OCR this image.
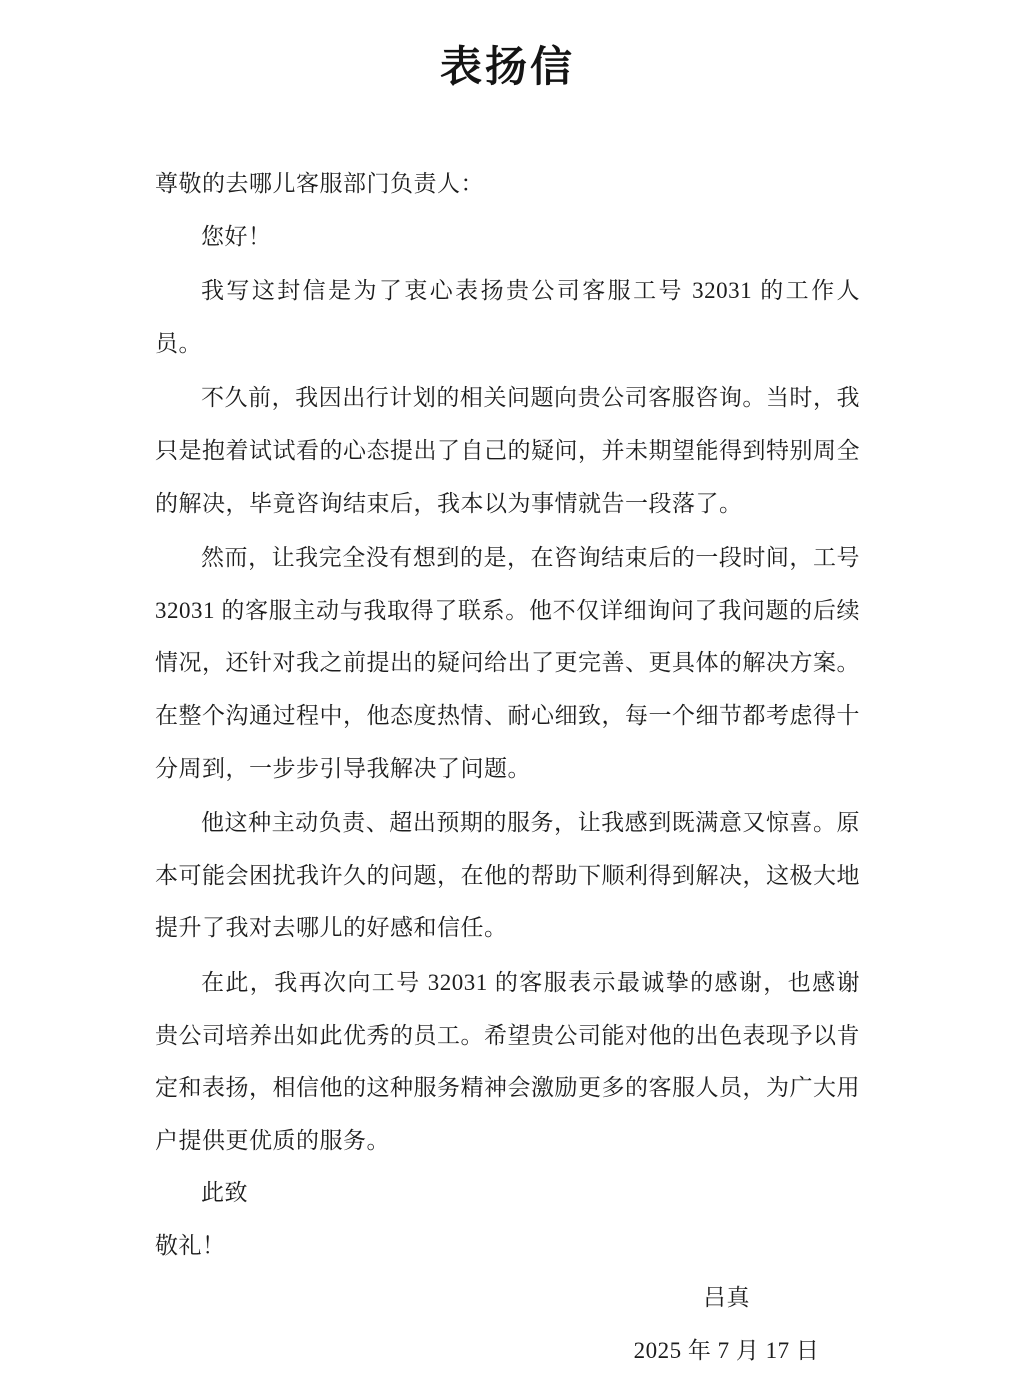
表扬信

尊敬的去哪儿客服部门负责人：

您好！

我写这封信是为了衷心表扬贵公司客服工号 32031 的工作人员。

不久前，我因出行计划的相关问题向贵公司客服咨询。当时，我只是抱着试试看的心态提出了自己的疑问，并未期望能得到特别周全的解决，毕竟咨询结束后，我本以为事情就告一段落了。

然而，让我完全没有想到的是，在咨询结束后的一段时间，工号 32031 的客服主动与我取得了联系。他不仅详细询问了我问题的后续情况，还针对我之前提出的疑问给出了更完善、更具体的解决方案。在整个沟通过程中，他态度热情、耐心细致，每一个细节都考虑得十分周到，一步步引导我解决了问题。

他这种主动负责、超出预期的服务，让我感到既满意又惊喜。原本可能会困扰我许久的问题，在他的帮助下顺利得到解决，这极大地提升了我对去哪儿的好感和信任。

在此，我再次向工号 32031 的客服表示最诚挚的感谢，也感谢贵公司培养出如此优秀的员工。希望贵公司能对他的出色表现予以肯定和表扬，相信他的这种服务精神会激励更多的客服人员，为广大用户提供更优质的服务。

此致

敬礼！

吕真

2025 年 7 月 17 日
